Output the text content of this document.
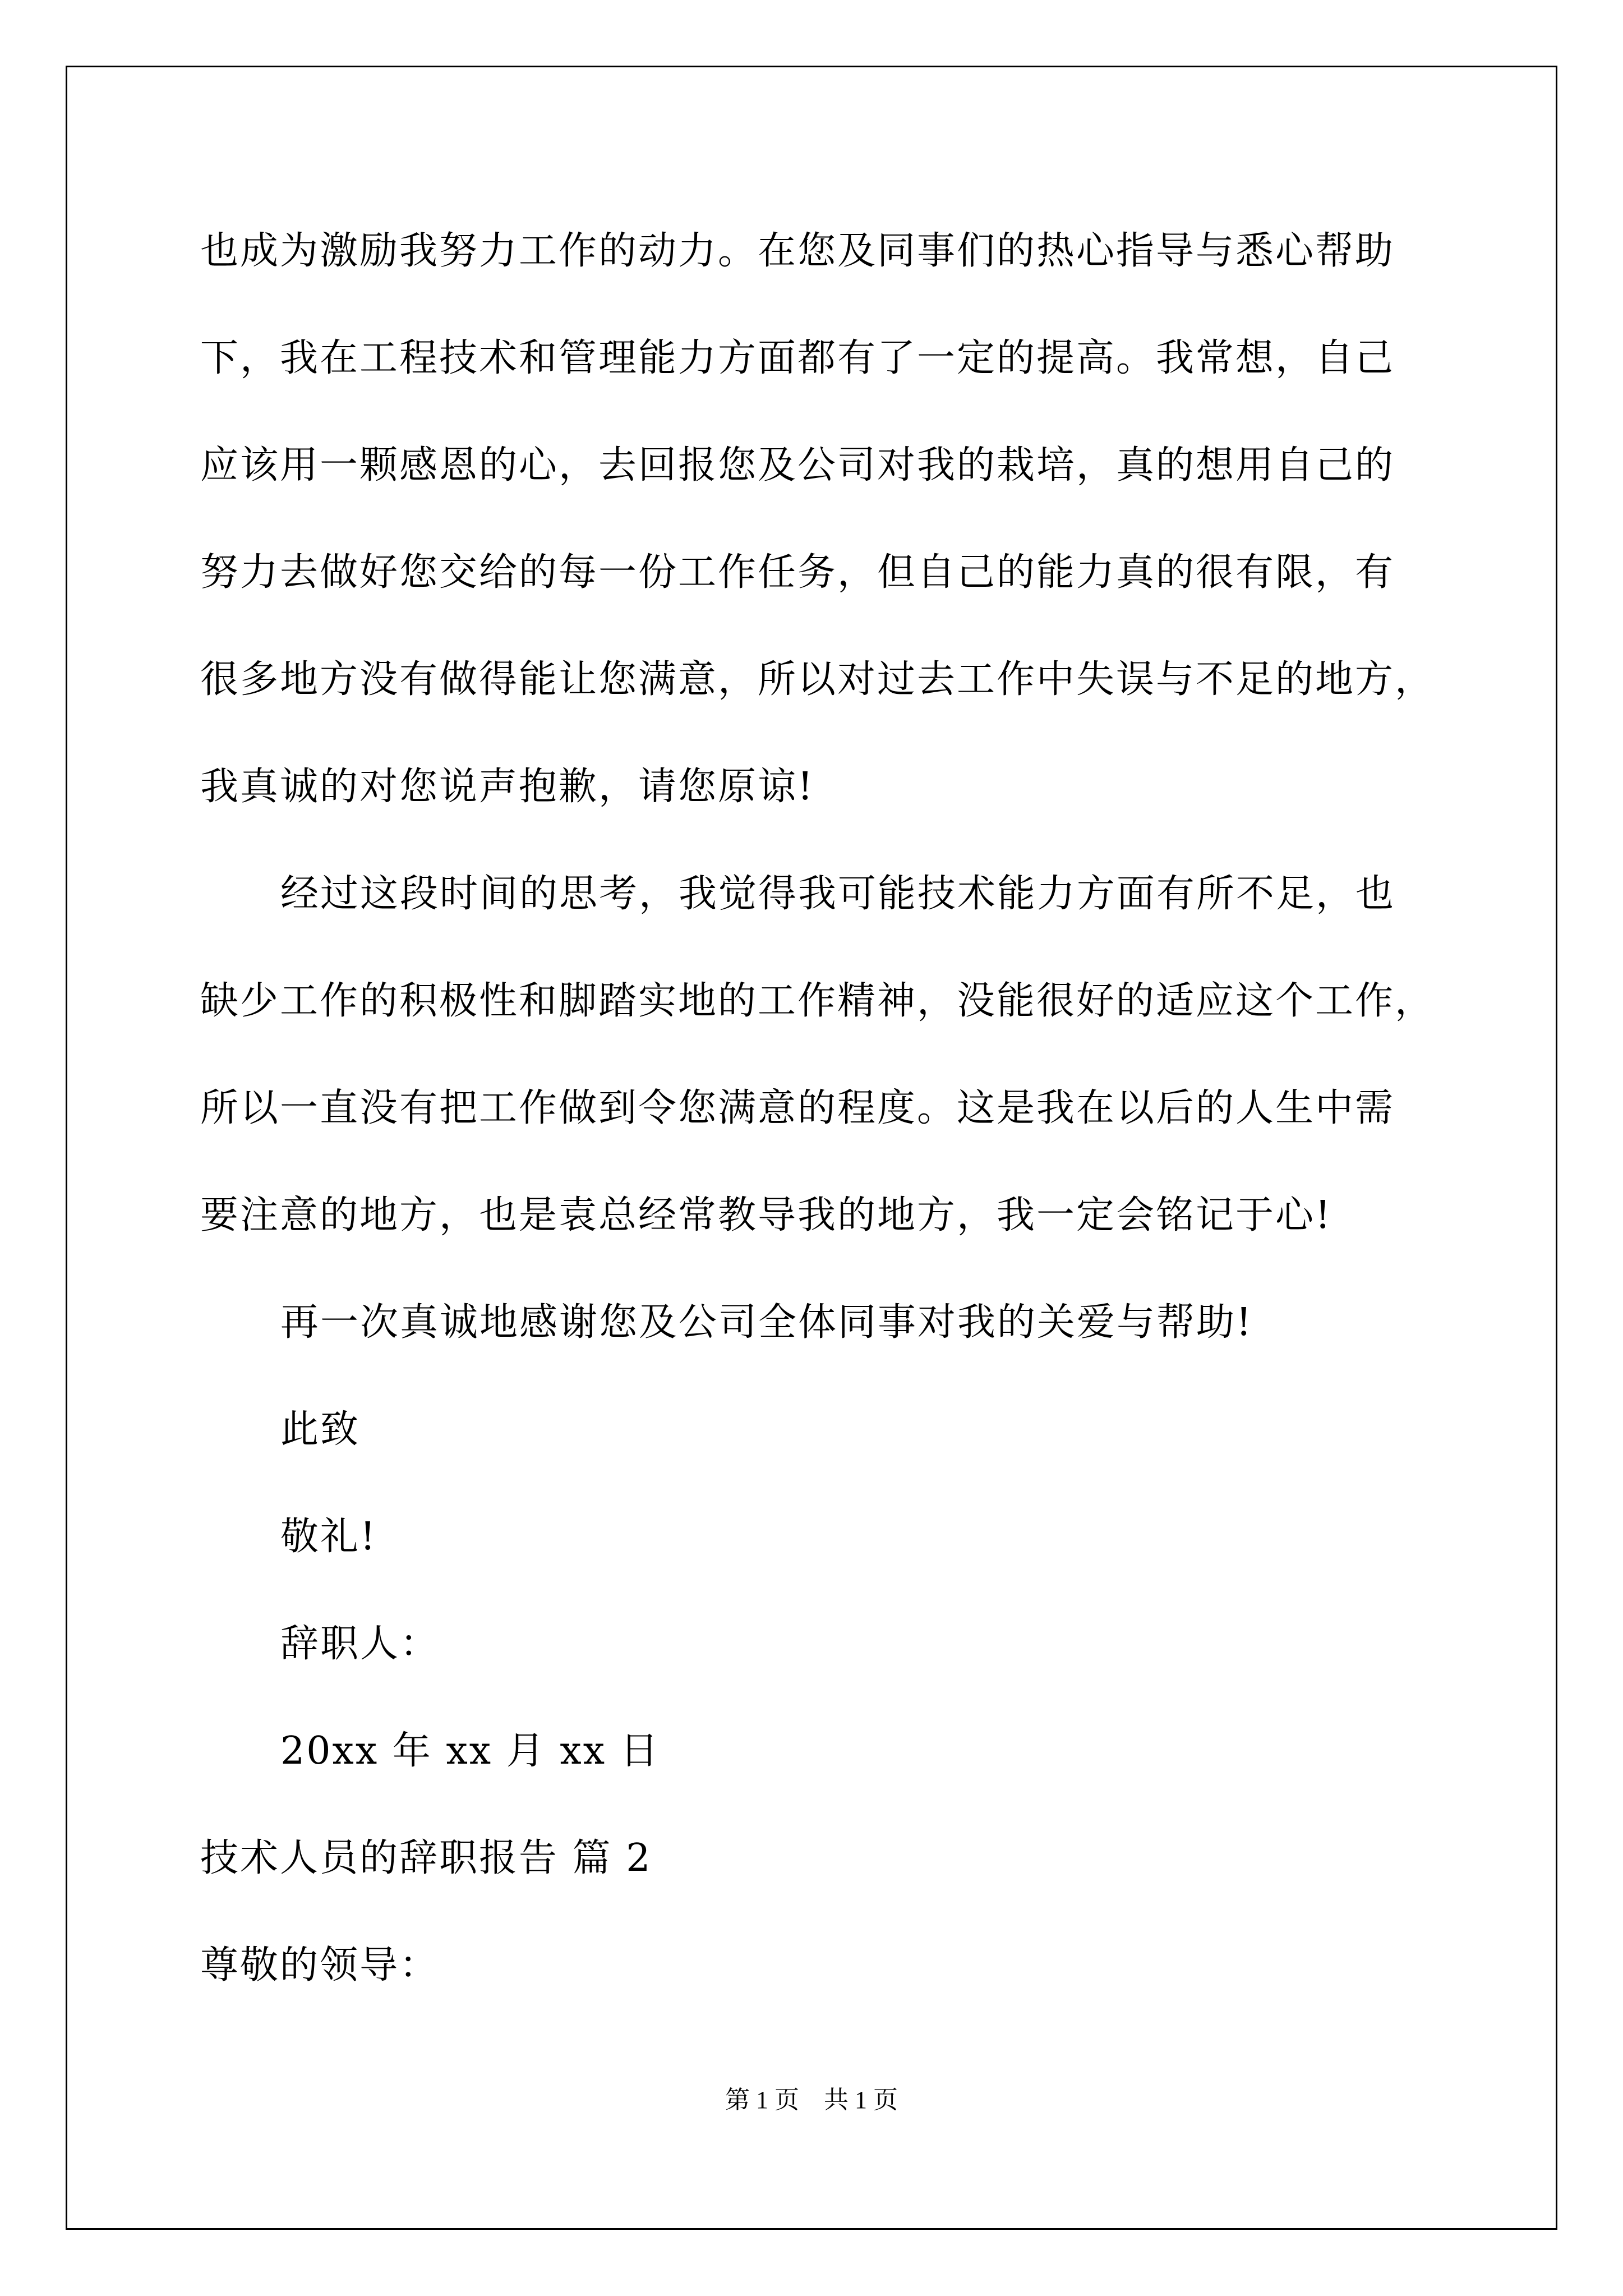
也成为激励我努力工作的动力。在您及同事们的热心指导与悉心帮助
下，我在工程技术和管理能力方面都有了一定的提高。我常想，自己
应该用一颗感恩的心，去回报您及公司对我的栽培，真的想用自己的
努力去做好您交给的每一份工作任务，但自己的能力真的很有限，有
很多地方没有做得能让您满意，所以对过去工作中失误与不足的地方，
我真诚的对您说声抱歉，请您原谅!
经过这段时间的思考，我觉得我可能技术能力方面有所不足，也
缺少工作的积极性和脚踏实地的工作精神，没能很好的适应这个工作，
所以一直没有把工作做到令您满意的程度。这是我在以后的人生中需
要注意的地方，也是袁总经常教导我的地方，我一定会铭记于心!
再一次真诚地感谢您及公司全体同事对我的关爱与帮助!
此致
敬礼!
辞职人：
20xx 年 xx 月 xx 日
技术人员的辞职报告 篇 2
尊敬的领导：
第 1 页　共 1 页
